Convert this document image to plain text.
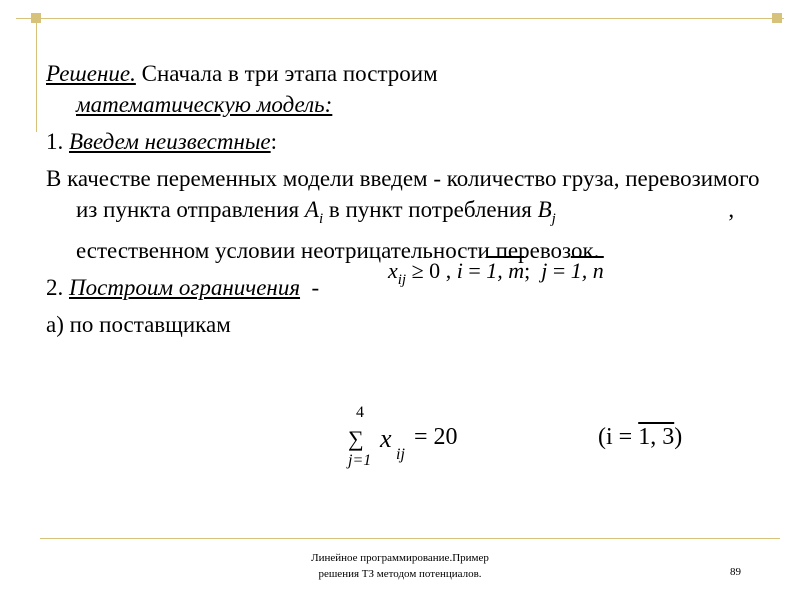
Решение. Сначала в три этапа построим
математическую модель:

1. Введем неизвестные:

В качестве переменных модели введем - количество груза, перевозимого из пункта отправления $A_i$ в пункт потребления $B_j$                              , естественном условии неотрицательности перевозок.

2. Построим ограничения  -

а) по поставщикам

$x_{ij} \ge 0$ , i = 1, m;  j = 1, n
4
∑
j=1
x
ij
= 20	(i = 1, 3)
Линейное программирование.Пример
решения ТЗ методом потенциалов.	89
